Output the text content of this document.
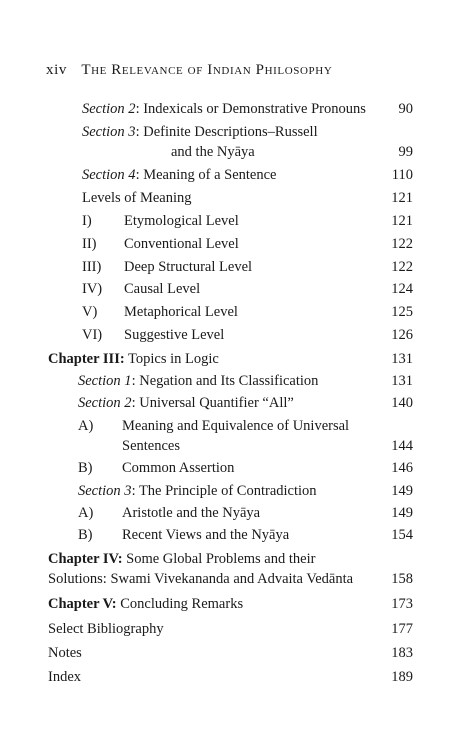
xiv The Relevance of Indian Philosophy
Section 2: Indexicals or Demonstrative Pronouns	90
Section 3: Definite Descriptions–Russell
and the Nyāya	99
Section 4: Meaning of a Sentence	110
Levels of Meaning	121
I) Etymological Level	121
II) Conventional Level	122
III) Deep Structural Level	122
IV) Causal Level	124
V) Metaphorical Level	125
VI) Suggestive Level	126
Chapter III: Topics in Logic	131
Section 1: Negation and Its Classification	131
Section 2: Universal Quantifier “All”	140
A) Meaning and Equivalence of Universal
Sentences	144
B) Common Assertion	146
Section 3: The Principle of Contradiction	149
A) Aristotle and the Nyāya	149
B) Recent Views and the Nyāya	154
Chapter IV: Some Global Problems and their
Solutions: Swami Vivekananda and Advaita Vedānta	158
Chapter V: Concluding Remarks	173
Select Bibliography	177
Notes	183
Index	189
